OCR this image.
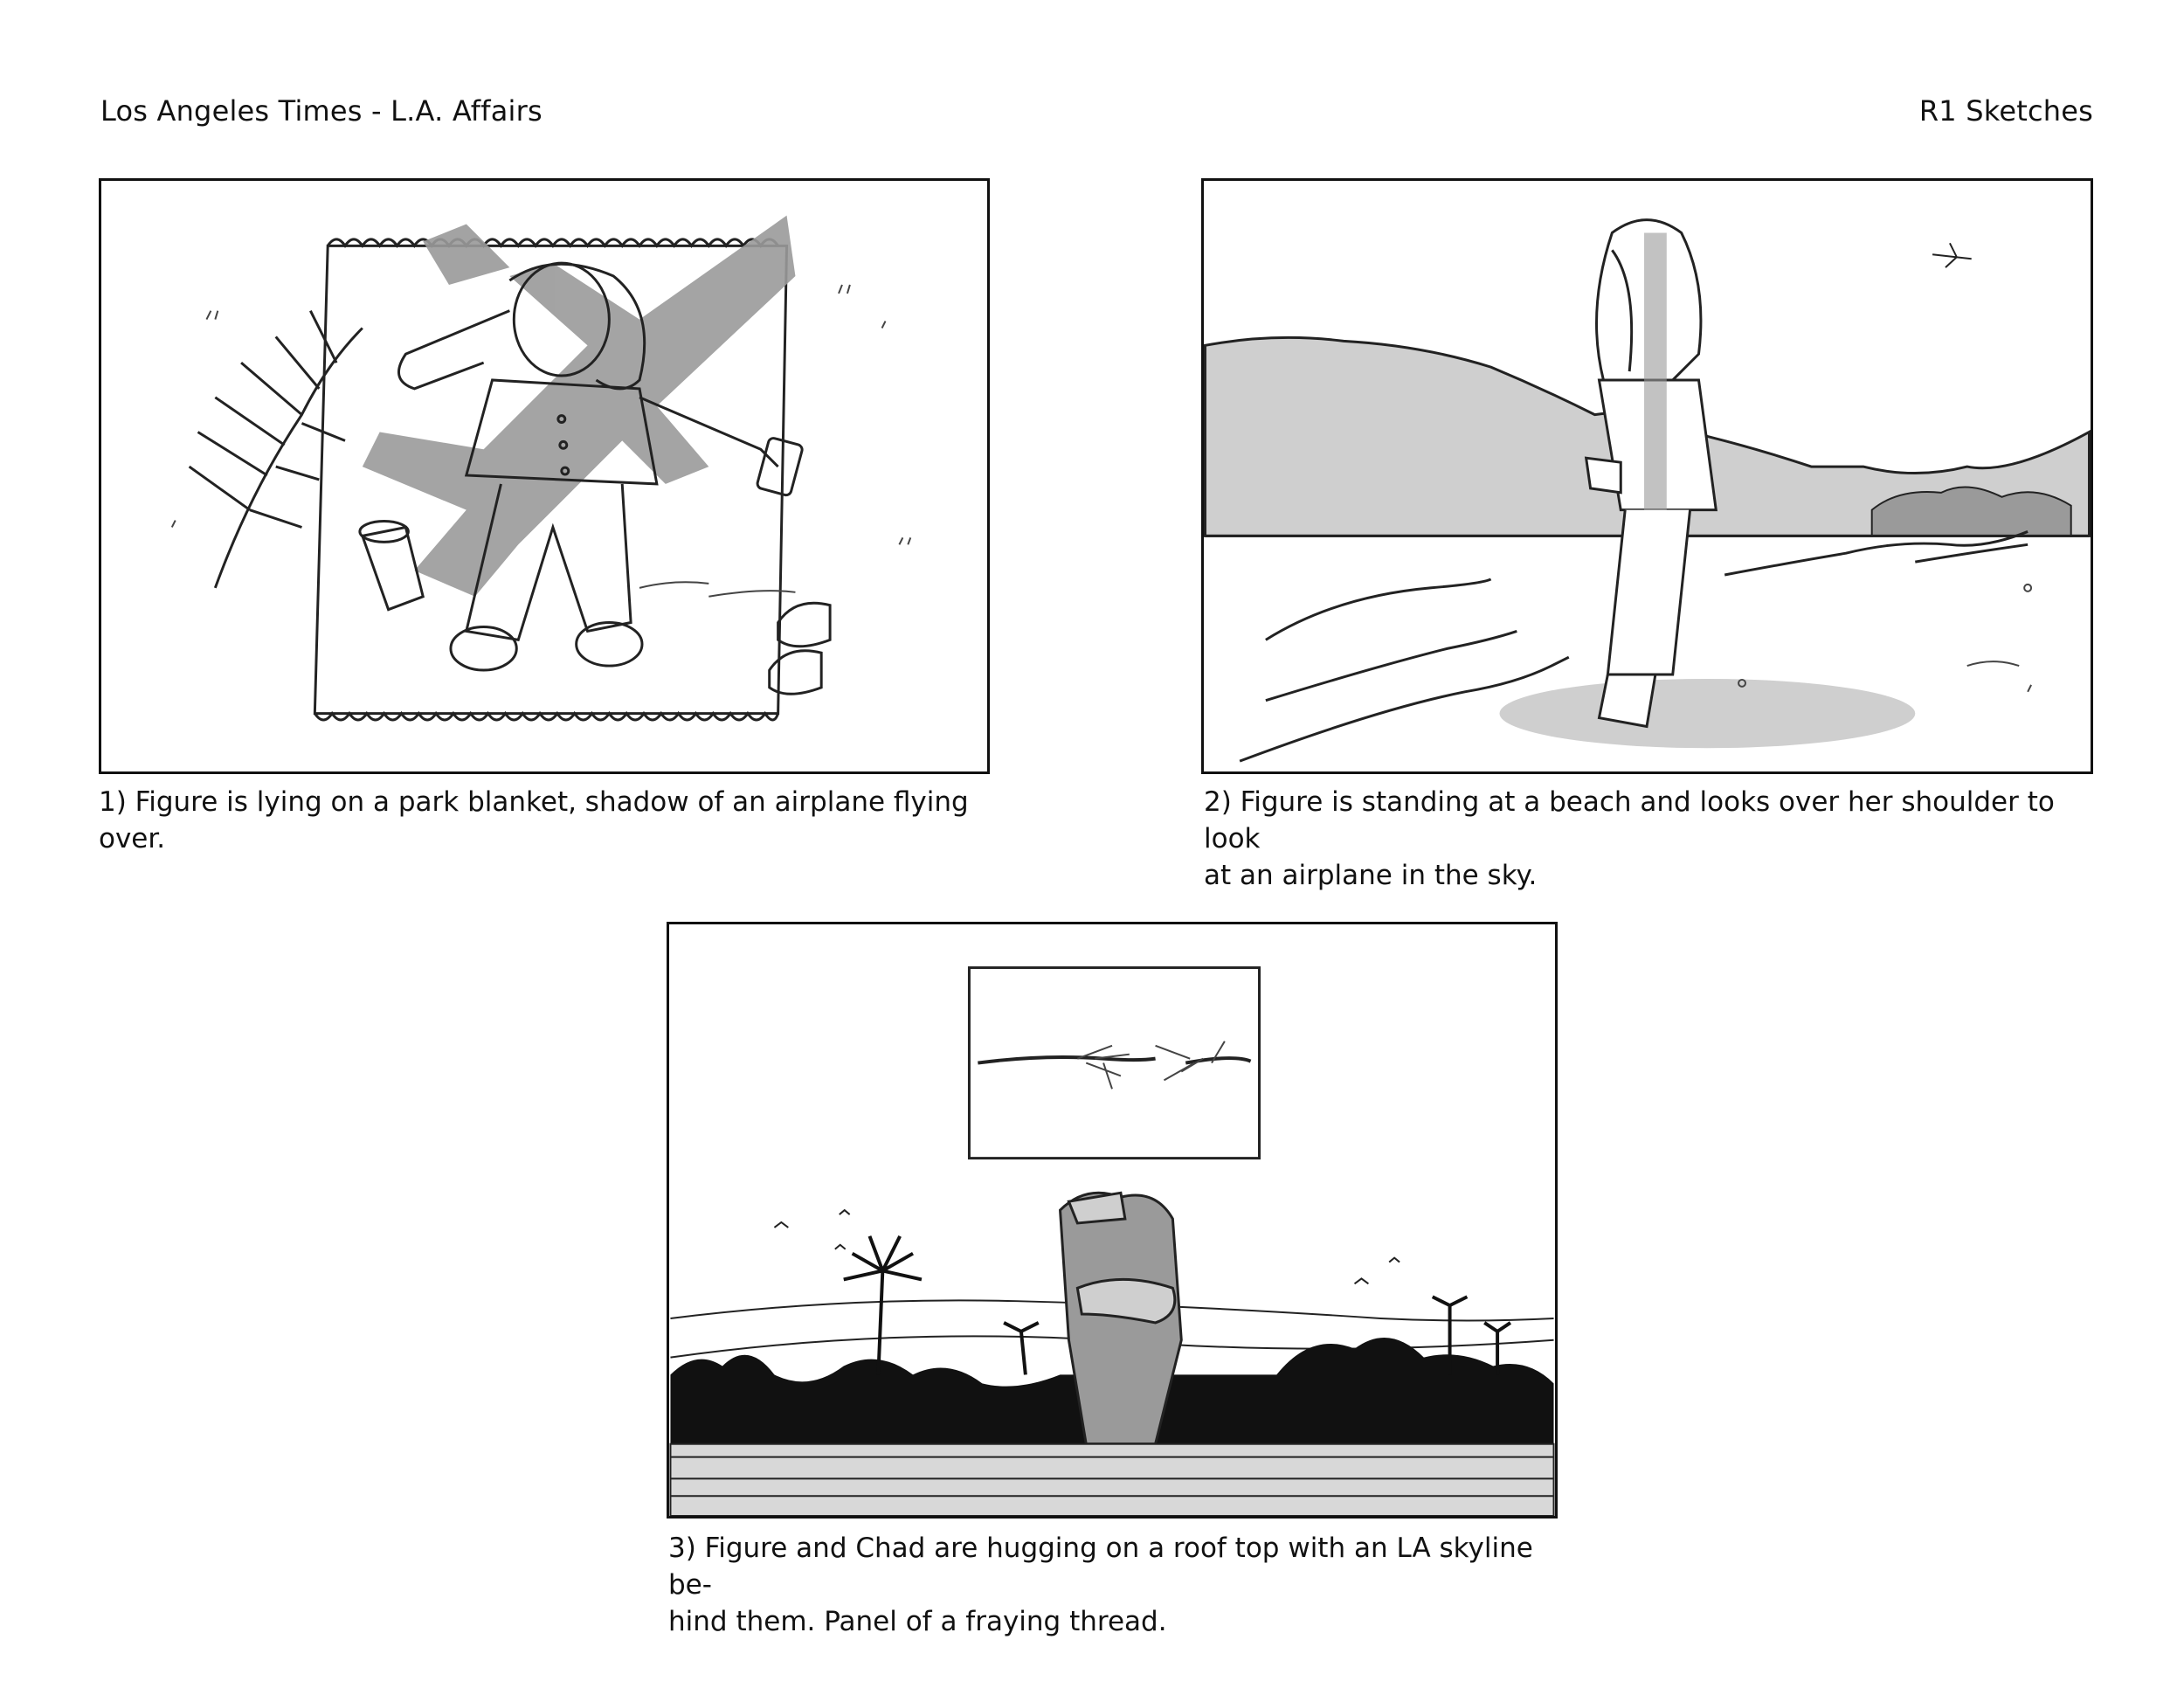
Los Angeles Times - L.A. Affairs	R1 Sketches
1) Figure is lying on a park blanket, shadow of an airplane flying over.
2) Figure is standing at a beach and looks over her shoulder to look
at an airplane in the sky.
3) Figure and Chad are hugging on a roof top with an LA skyline be-
hind them. Panel of a fraying thread.
